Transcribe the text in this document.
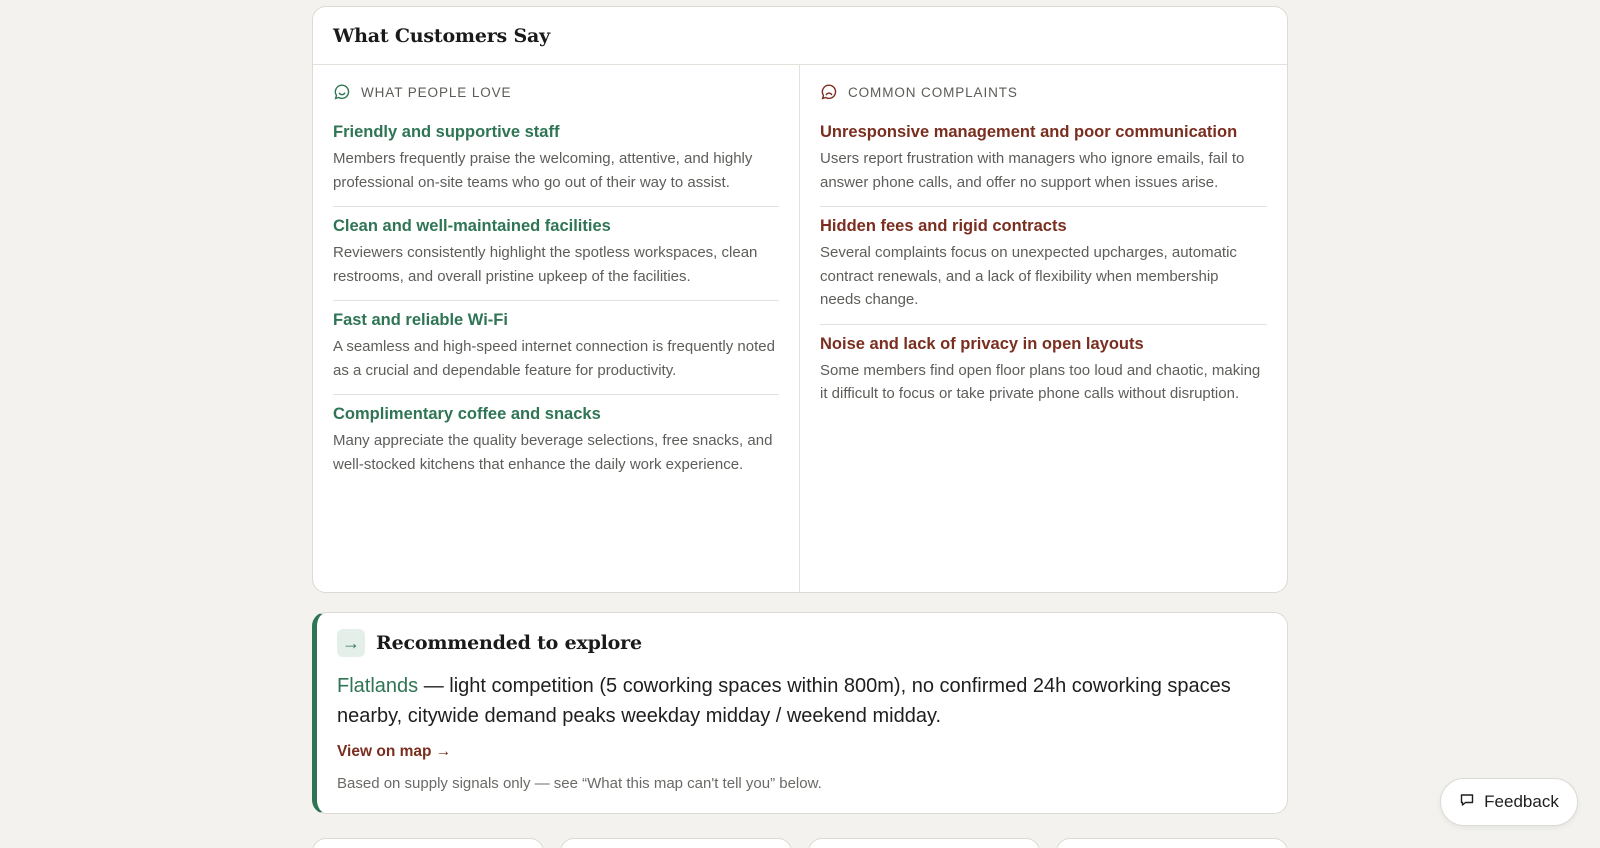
What Customers Say
WHAT PEOPLE LOVE
Friendly and supportive staff
Members frequently praise the welcoming, attentive, and highly professional on-site teams who go out of their way to assist.
Clean and well-maintained facilities
Reviewers consistently highlight the spotless workspaces, clean restrooms, and overall pristine upkeep of the facilities.
Fast and reliable Wi-Fi
A seamless and high-speed internet connection is frequently noted as a crucial and dependable feature for productivity.
Complimentary coffee and snacks
Many appreciate the quality beverage selections, free snacks, and well-stocked kitchens that enhance the daily work experience.
COMMON COMPLAINTS
Unresponsive management and poor communication
Users report frustration with managers who ignore emails, fail to answer phone calls, and offer no support when issues arise.
Hidden fees and rigid contracts
Several complaints focus on unexpected upcharges, automatic contract renewals, and a lack of flexibility when membership needs change.
Noise and lack of privacy in open layouts
Some members find open floor plans too loud and chaotic, making it difficult to focus or take private phone calls without disruption.
→ Recommended to explore

Flatlands — light competition (5 coworking spaces within 800m), no confirmed 24h coworking spaces nearby, citywide demand peaks weekday midday / weekend midday.

View on map →

Based on supply signals only — see “What this map can't tell you” below.

Feedback
